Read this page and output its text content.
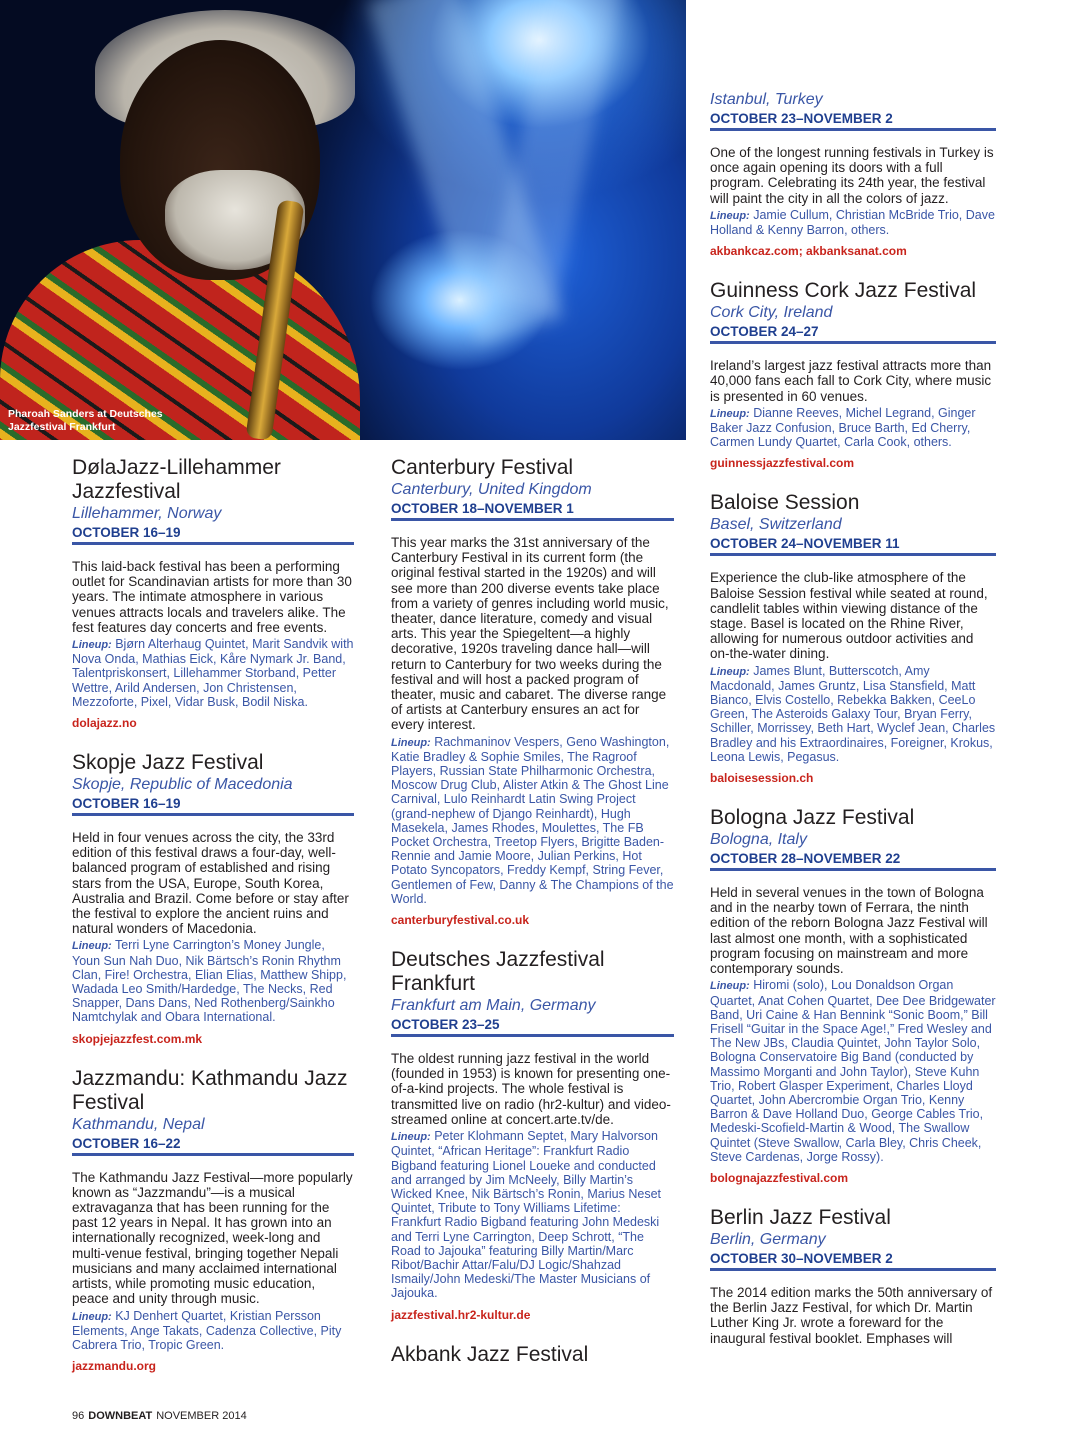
Pharoah Sanders at Deutsches Jazzfestival Frankfurt
DølaJazz-Lillehammer Jazzfestival

Lillehammer, Norway

OCTOBER 16–19

This laid-back festival has been a performing outlet for Scandinavian artists for more than 30 years. The intimate atmosphere in various venues attracts locals and travelers alike. The fest features day concerts and free events.

Lineup: Bjørn Alterhaug Quintet, Marit Sandvik with Nova Onda, Mathias Eick, Kåre Nymark Jr. Band, Talentpriskonsert, Lillehammer Storband, Petter Wettre, Arild Andersen, Jon Christensen, Mezzoforte, Pixel, Vidar Busk, Bodil Niska.

dolajazz.no

Skopje Jazz Festival

Skopje, Republic of Macedonia

OCTOBER 16–19

Held in four venues across the city, the 33rd edition of this festival draws a four-day, well-balanced program of established and rising stars from the USA, Europe, South Korea, Australia and Brazil. Come before or stay after the festival to explore the ancient ruins and natural wonders of Macedonia.

Lineup: Terri Lyne Carrington’s Money Jungle, Youn Sun Nah Duo, Nik Bärtsch’s Ronin Rhythm Clan, Fire! Orchestra, Elian Elias, Matthew Shipp, Wadada Leo Smith/Hardedge, The Necks, Red Snapper, Dans Dans, Ned Rothenberg/Sainkho Namtchylak and Obara International.

skopjejazzfest.com.mk

Jazzmandu: Kathmandu Jazz Festival

Kathmandu, Nepal

OCTOBER 16–22

The Kathmandu Jazz Festival—more popularly known as “Jazzmandu”—is a musical extravaganza that has been running for the past 12 years in Nepal. It has grown into an internationally recognized, week-long and multi-venue festival, bringing together Nepali musicians and many acclaimed international artists, while promoting music education, peace and unity through music.

Lineup: KJ Denhert Quartet, Kristian Persson Elements, Ange Takats, Cadenza Collective, Pity Cabrera Trio, Tropic Green.

jazzmandu.org

Canterbury Festival

Canterbury, United Kingdom

OCTOBER 18–NOVEMBER 1

This year marks the 31st anniversary of the Canterbury Festival in its current form (the original festival started in the 1920s) and will see more than 200 diverse events take place from a variety of genres including world music, theater, dance literature, comedy and visual arts. This year the Spiegeltent—a highly decorative, 1920s traveling dance hall—will return to Canterbury for two weeks during the festival and will host a packed program of theater, music and cabaret. The diverse range of artists at Canterbury ensures an act for every interest.

Lineup: Rachmaninov Vespers, Geno Washington, Katie Bradley & Sophie Smiles, The Ragroof Players, Russian State Philharmonic Orchestra, Moscow Drug Club, Alister Atkin & The Ghost Line Carnival, Lulo Reinhardt Latin Swing Project (grand-nephew of Django Reinhardt), Hugh Masekela, James Rhodes, Moulettes, The FB Pocket Orchestra, Treetop Flyers, Brigitte Baden-Rennie and Jamie Moore, Julian Perkins, Hot Potato Syncopators, Freddy Kempf, String Fever, Gentlemen of Few, Danny & The Champions of the World.

canterburyfestival.co.uk

Deutsches Jazzfestival Frankfurt

Frankfurt am Main, Germany

OCTOBER 23–25

The oldest running jazz festival in the world (founded in 1953) is known for presenting one-of-a-kind projects. The whole festival is transmitted live on radio (hr2-kultur) and video-streamed online at concert.arte.tv/de.

Lineup: Peter Klohmann Septet, Mary Halvorson Quintet, “African Heritage”: Frankfurt Radio Bigband featuring Lionel Loueke and conducted and arranged by Jim McNeely, Billy Martin’s Wicked Knee, Nik Bärtsch’s Ronin, Marius Neset Quintet, Tribute to Tony Williams Lifetime: Frankfurt Radio Bigband featuring John Medeski and Terri Lyne Carrington, Deep Schrott, “The Road to Jajouka” featuring Billy Martin/Marc Ribot/Bachir Attar/Falu/DJ Logic/Shahzad Ismaily/John Medeski/The Master Musicians of Jajouka.

jazzfestival.hr2-kultur.de

Akbank Jazz Festival

Istanbul, Turkey

OCTOBER 23–NOVEMBER 2

One of the longest running festivals in Turkey is once again opening its doors with a full program. Celebrating its 24th year, the festival will paint the city in all the colors of jazz.

Lineup: Jamie Cullum, Christian McBride Trio, Dave Holland & Kenny Barron, others.

akbankcaz.com; akbanksanat.com

Guinness Cork Jazz Festival

Cork City, Ireland

OCTOBER 24–27

Ireland’s largest jazz festival attracts more than 40,000 fans each fall to Cork City, where music is presented in 60 venues.

Lineup: Dianne Reeves, Michel Legrand, Ginger Baker Jazz Confusion, Bruce Barth, Ed Cherry, Carmen Lundy Quartet, Carla Cook, others.

guinnessjazzfestival.com

Baloise Session

Basel, Switzerland

OCTOBER 24–NOVEMBER 11

Experience the club-like atmosphere of the Baloise Session festival while seated at round, candlelit tables within viewing distance of the stage. Basel is located on the Rhine River, allowing for numerous outdoor activities and on-the-water dining.

Lineup: James Blunt, Butterscotch, Amy Macdonald, James Gruntz, Lisa Stansfield, Matt Bianco, Elvis Costello, Rebekka Bakken, CeeLo Green, The Asteroids Galaxy Tour, Bryan Ferry, Schiller, Morrissey, Beth Hart, Wyclef Jean, Charles Bradley and his Extraordinaires, Foreigner, Krokus, Leona Lewis, Pegasus.

baloisesession.ch

Bologna Jazz Festival

Bologna, Italy

OCTOBER 28–NOVEMBER 22

Held in several venues in the town of Bologna and in the nearby town of Ferrara, the ninth edition of the reborn Bologna Jazz Festival will last almost one month, with a sophisticated program focusing on mainstream and more contemporary sounds.

Lineup: Hiromi (solo), Lou Donaldson Organ Quartet, Anat Cohen Quartet, Dee Dee Bridgewater Band, Uri Caine & Han Bennink “Sonic Boom,” Bill Frisell “Guitar in the Space Age!,” Fred Wesley and The New JBs, Claudia Quintet, John Taylor Solo, Bologna Conservatoire Big Band (conducted by Massimo Morganti and John Taylor), Steve Kuhn Trio, Robert Glasper Experiment, Charles Lloyd Quartet, John Abercrombie Organ Trio, Kenny Barron & Dave Holland Duo, George Cables Trio, Medeski-Scofield-Martin & Wood, The Swallow Quintet (Steve Swallow, Carla Bley, Chris Cheek, Steve Cardenas, Jorge Rossy).

bolognajazzfestival.com

Berlin Jazz Festival

Berlin, Germany

OCTOBER 30–NOVEMBER 2

The 2014 edition marks the 50th anniversary of the Berlin Jazz Festival, for which Dr. Martin Luther King Jr. wrote a foreward for the inaugural festival booklet. Emphases will

96 DOWNBEAT NOVEMBER 2014
